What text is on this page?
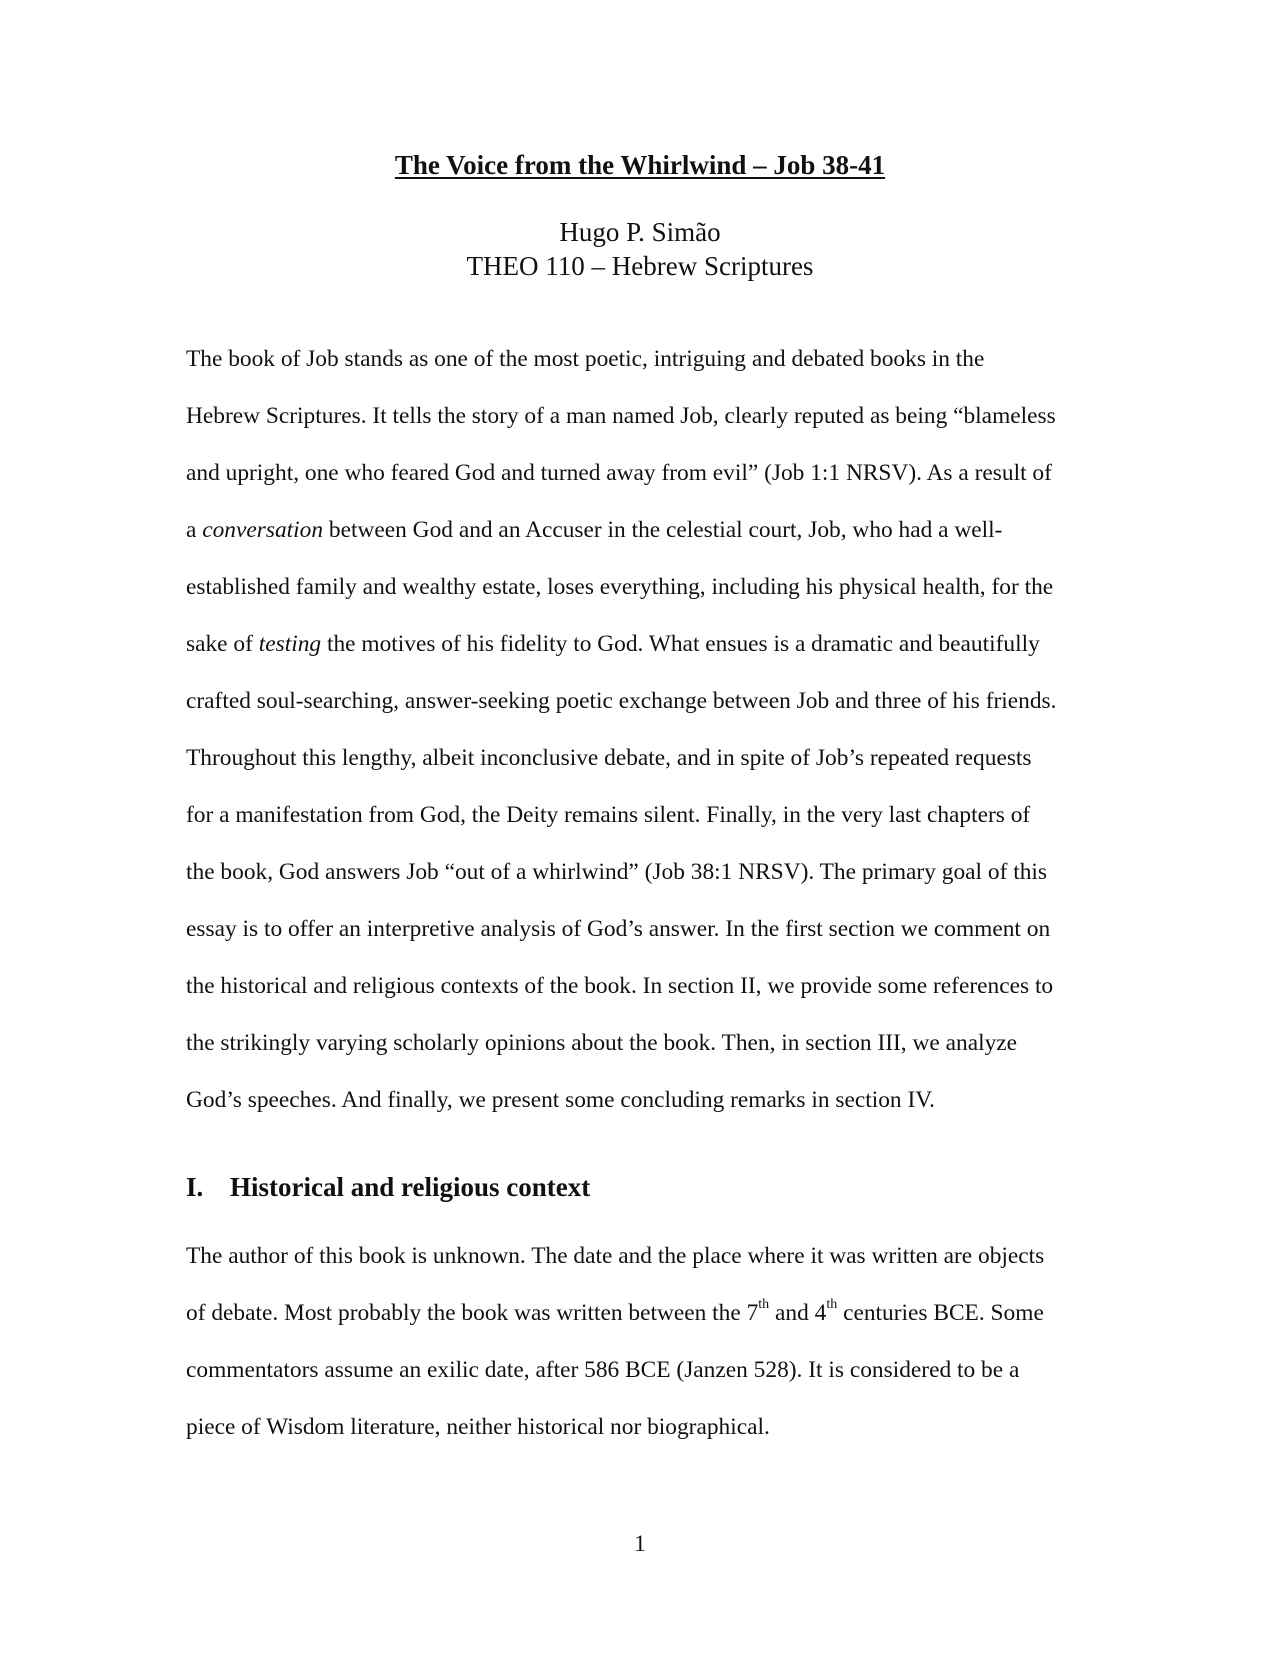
The Voice from the Whirlwind – Job 38-41
Hugo P. Simão
THEO 110 – Hebrew Scriptures
The book of Job stands as one of the most poetic, intriguing and debated books in the
Hebrew Scriptures. It tells the story of a man named Job, clearly reputed as being “blameless
and upright, one who feared God and turned away from evil” (Job 1:1 NRSV). As a result of
a conversation between God and an Accuser in the celestial court, Job, who had a well-
established family and wealthy estate, loses everything, including his physical health, for the
sake of testing the motives of his fidelity to God. What ensues is a dramatic and beautifully
crafted soul-searching, answer-seeking poetic exchange between Job and three of his friends.
Throughout this lengthy, albeit inconclusive debate, and in spite of Job’s repeated requests
for a manifestation from God, the Deity remains silent. Finally, in the very last chapters of
the book, God answers Job “out of a whirlwind” (Job 38:1 NRSV). The primary goal of this
essay is to offer an interpretive analysis of God’s answer. In the first section we comment on
the historical and religious contexts of the book. In section II, we provide some references to
the strikingly varying scholarly opinions about the book. Then, in section III, we analyze
God’s speeches. And finally, we present some concluding remarks in section IV.
I. Historical and religious context
The author of this book is unknown. The date and the place where it was written are objects
of debate. Most probably the book was written between the 7th and 4th centuries BCE. Some
commentators assume an exilic date, after 586 BCE (Janzen 528). It is considered to be a
piece of Wisdom literature, neither historical nor biographical.
1
